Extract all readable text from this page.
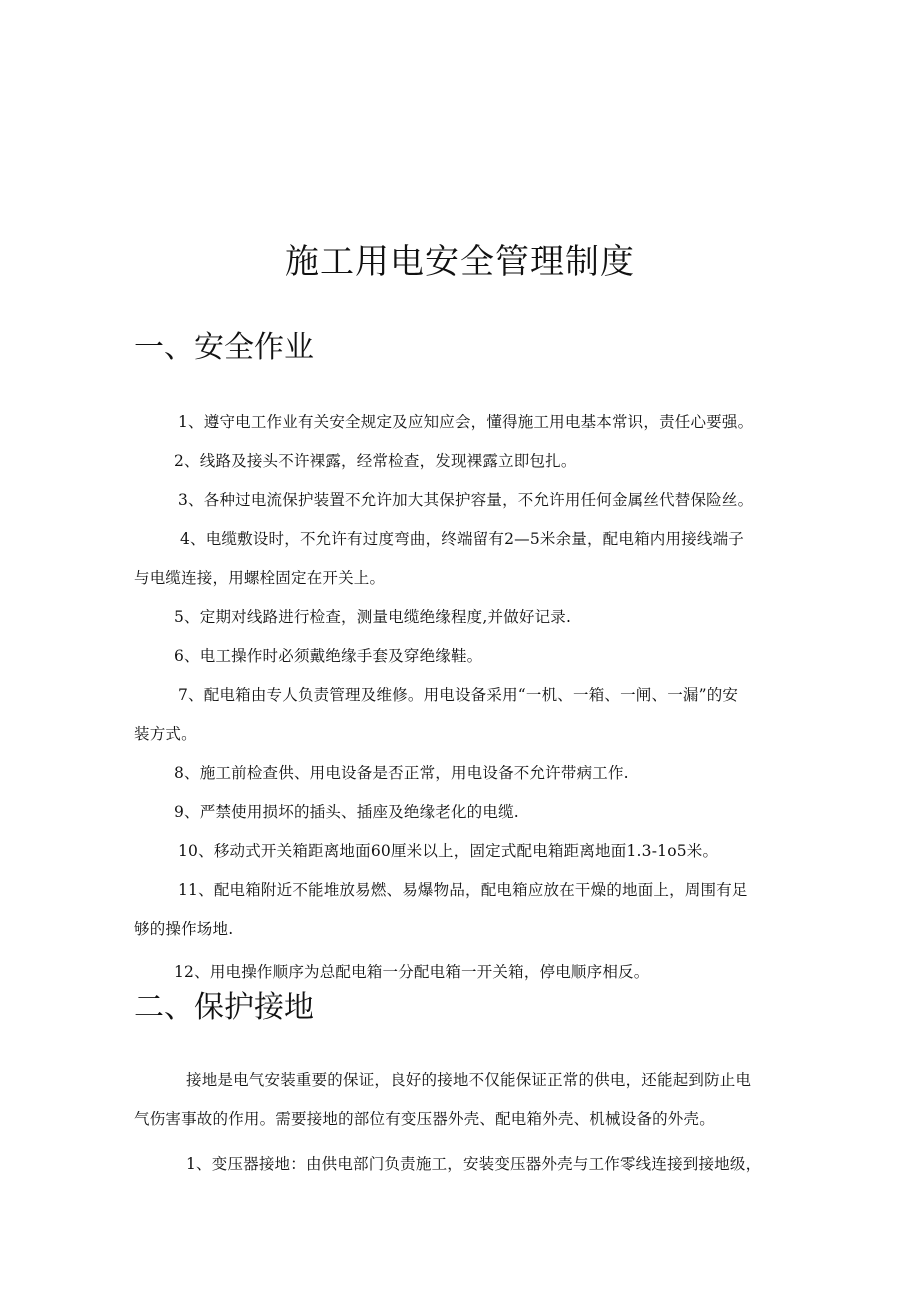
施工用电安全管理制度
一、安全作业
1、遵守电工作业有关安全规定及应知应会，懂得施工用电基本常识，责任心要强。
2、线路及接头不许裸露，经常检查，发现裸露立即包扎。
3、各种过电流保护装置不允许加大其保护容量，不允许用任何金属丝代替保险丝。
4、电缆敷设时，不允许有过度弯曲，终端留有2—5米余量，配电箱内用接线端子
与电缆连接，用螺栓固定在开关上。
5、定期对线路进行检查，测量电缆绝缘程度,并做好记录.
6、电工操作时必须戴绝缘手套及穿绝缘鞋。
7、配电箱由专人负责管理及维修。用电设备采用“一机、一箱、一闸、一漏”的安
装方式。
8、施工前检查供、用电设备是否正常，用电设备不允许带病工作.
9、严禁使用损坏的插头、插座及绝缘老化的电缆.
10、移动式开关箱距离地面60厘米以上，固定式配电箱距离地面1.3-1o5米。
11、配电箱附近不能堆放易燃、易爆物品，配电箱应放在干燥的地面上，周围有足
够的操作场地.
12、用电操作顺序为总配电箱一分配电箱一开关箱，停电顺序相反。
二、保护接地
接地是电气安装重要的保证，良好的接地不仅能保证正常的供电，还能起到防止电
气伤害事故的作用。需要接地的部位有变压器外壳、配电箱外壳、机械设备的外壳。
1、变压器接地：由供电部门负责施工，安装变压器外壳与工作零线连接到接地级，
